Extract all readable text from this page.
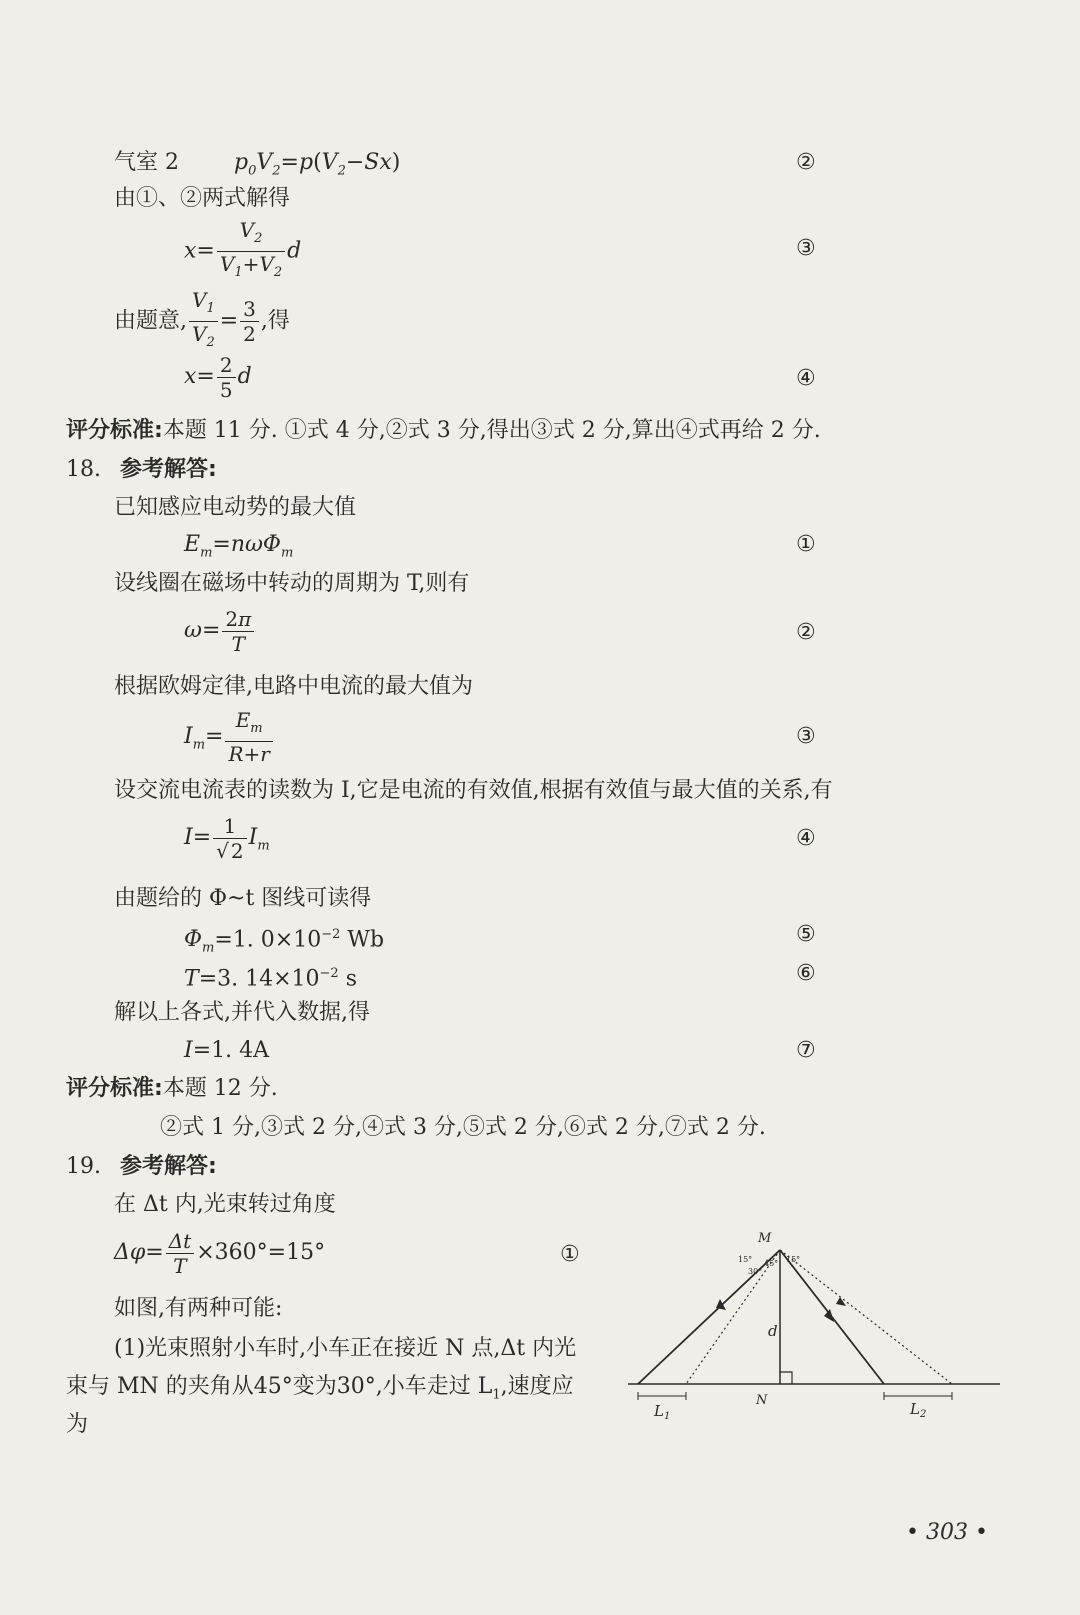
气室 2	$p_0V_2=p(V_2-Sx)$	②
由①、②两式解得
$x= \frac{V_2}{V_1+V_2}$ d	③
由题意, $\frac{V_1}{V_2} = \frac{3}{2}$ ,得
$x= \frac{2}{5}$ d	④
评分标准:本题 11 分. ①式 4 分,②式 3 分,得出③式 2 分,算出④式再给 2 分.
18. 参考解答:
已知感应电动势的最大值
$E_m=n\omega\Phi_m$	①
设线圈在磁场中转动的周期为 T,则有
$\omega= \frac{2\pi}{T}$	②
根据欧姆定律,电路中电流的最大值为
$I_m= \frac{E_m}{R+r}$	③
设交流电流表的读数为 I,它是电流的有效值,根据有效值与最大值的关系,有
$I= \frac{1}{√ 2} I_m$	④
由题给的 Φ~t 图线可读得
$\Phi_m=1$. $0\times 10^{-2}$ Wb	⑤
T=3. $14\times 10^{-2}$ s	⑥
解以上各式,并代入数据,得
I=1. 4A	⑦
评分标准:本题 12 分.
②式 1 分,③式 2 分,④式 3 分,⑤式 2 分,⑥式 2 分,⑦式 2 分.
19. 参考解答:
在 Δt 内,光束转过角度
$\Delta\varphi= \frac{\Delta t}{T} \times 360^\circ=15^\circ$	①
如图,有两种可能:
(1)光束照射小车时,小车正在接近 N 点,Δt 内光
束与 MN 的夹角从45°变为30°,小车走过 $L_1$,速度应
为
M
N
d
15°	15°
30°
45°
$L_1$	$L_2$
• 303 •
